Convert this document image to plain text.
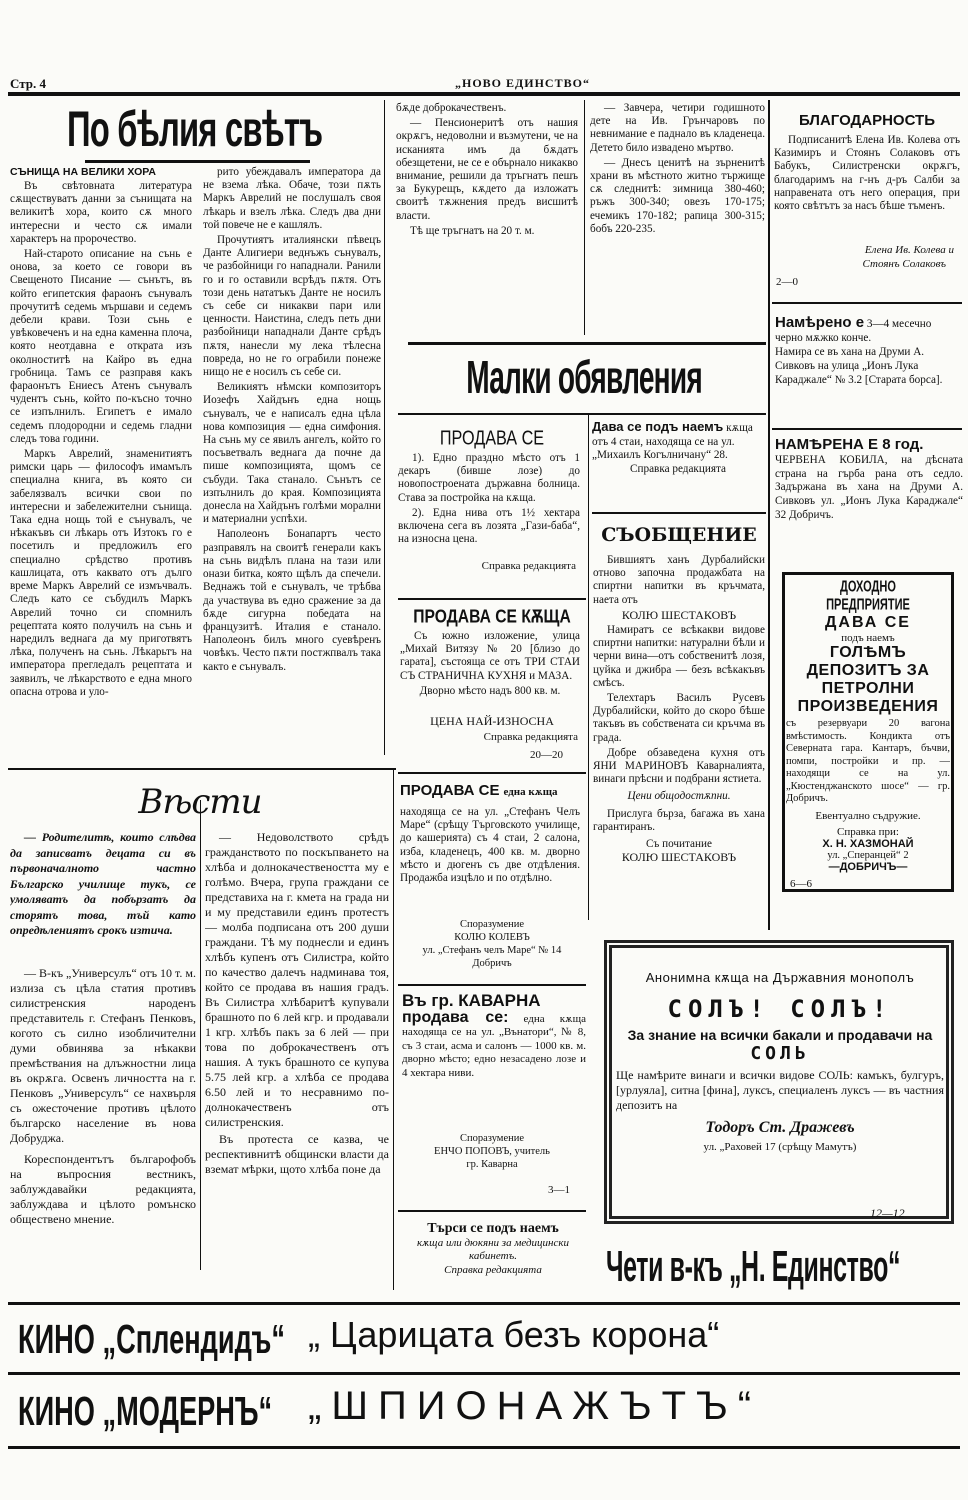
Стр. 4	„НОВО ЕДИНСТВО“
По бѣлия свѣтъ
СЪНИЩА НА ВЕЛИКИ ХОРА

Въ свѣтовната литература сѫществуватъ данни за сънищата на великитѣ хора, които сѫ много интересни и често сѫ имали характеръ на пророчество.

Най-старото описание на сънь е онова, за което се говори въ Свещеното Писание — сънътъ, въ който египетския фараонъ сънувалъ прочутитѣ седемь мършави и седемъ дебели крави. Този сънь е увѣковеченъ и на една каменна плоча, която неотдавна е открата изъ околноститѣ на Кайро въ една гробница. Тамъ се разправя какъ фараонътъ Ениесъ Атенъ сънувалъ чудентъ сънь, който по-късно точно се изпълнилъ. Египетъ е имало седемъ плодородни и седемь гладни следъ това години.

Маркъ Аврелий, знаменитиятъ римски царь — философъ имамълъ специална книга, въ която си забелязвалъ всички свои по интересни и забележителни сънища. Така една нощь той е сънувалъ, че нѣкакъвъ си лѣкарь отъ Изтокъ го е посетилъ и предложилъ его специално срѣдство противъ кашлицата, отъ каквато отъ дълго време Маркъ Аврелий се измъчвалъ. Следъ като се събудилъ Маркъ Аврелий точно си спомнилъ рецептата която получилъ на сънь и наредилъ веднага да му приготвятъ лѣка, полученъ на сънь. Лѣкарьтъ на императора прегледалъ рецептата и заявилъ, че лѣкарството е една много опасна отрова и уло-

рито убеждавалъ императора да не взема лѣка. Обаче, този пѫть Маркъ Аврелий не послушалъ своя лѣкарь и взелъ лѣка. Следъ два дни той повече не е кашлялъ.

Прочутиятъ италиянски пѣвецъ Данте Алигиери веднъжъ сънувалъ, че разбойници го нападнали. Ранили го и го оставили всрѣдъ пѫтя. Отъ този день нататъкъ Данте не носилъ съ себе си никакви пари или ценности. Наистина, следъ петь дни разбойници нападнали Данте срѣдъ пѫтя, нанесли му лека тѣлесна повреда, но не го ограбили понеже нищо не е носилъ съ себе си.

Великиятъ нѣмски композиторъ Иозефъ Хайдънъ една нощь сънувалъ, че е написалъ една цѣла нова композиция — една симфония. На сънь му се явилъ ангелъ, който го посъветвалъ веднага да почне да пише композицията, щомъ се събуди. Така станало. Сънътъ се изпълнилъ до края. Композицията донесла на Хайдънъ голѣми морални и материални успѣхи.

Наполеонъ Бонапартъ често разправялъ на своитѣ генерали какъ на сънь видѣлъ плана на тази или онази битка, която щѣлъ да спечели. Веднажъ той е сънувалъ, че трѣбва да участвува въ едно сражение за да бѫде сигурна победата на французитѣ. Италия е станало. Наполеонъ билъ много суевѣренъ човѣкъ. Често пѫти постжпвалъ така както е сънувалъ.

бѫде доброкачественъ.

— Пенсионеритѣ отъ нашия окрѫгъ, недоволни и възмутени, че на исканията имъ да бѫдатъ обезщетени, не се е обърнало никакво внимание, решили да тръгнатъ пешъ за Букурещъ, кѫдето да изложатъ своитѣ тѫжнения предъ висшитѣ власти.

Тѣ ще тръгнатъ на 20 т. м.

— Завчера, четири годишното дете на Ив. Грънчаровъ по невнимание е паднало въ кладенеца. Детето било извадено мъртво.

— Днесъ ценитѣ на зърненитѣ храни въ мѣстното житно тържище сѫ следнитѣ: зимница 380-460; ръжъ 300-340; овезъ 170-175; ечемикъ 170-182; рапица 300-315; бобъ 220-235.

БЛАГОДАРНОСТЬ

Подписанитѣ Елена Ив. Колева отъ Казимиръ и Стоянъ Солаковъ отъ Бабукъ, Силистренски окрѫгъ, благодаримъ на г-нъ д-ръ Салби за направената отъ него операция, при която свѣтътъ за насъ бѣше тъменъ.

Елена Ив. Колева и
Стоянъ Солаковъ
2—0
Намѣрено е 3—4 месечно черно мѫжко конче.
Намира се въ хана на Друми А. Сивковъ на улица „Ионъ Лука Караджале“ № 3.2 [Старата борса].
НАМѢРЕНА Е 8 год.
ЧЕРВЕНА КОБИЛА, на дѣсната страна на гърба рана отъ седло. Задържана въ хана на Друми А. Сивковъ ул. „Ионъ Лука Караджале“ 32 Добричъ.
ДОХОДНО ПРЕДПРИЯТИЕ
ДАВА СЕ
подъ наемъ
ГОЛѢМЪ ДЕПОЗИТЪ ЗА ПЕТРОЛНИ ПРОИЗВЕДЕНИЯ
съ резервуари 20 вагона вмѣстимость. Кондикта отъ Северната гара. Кантаръ, бъчви, помпи, постройки и пр. — находящи се на ул. „Кюстенджанското шосе“ — гр. Добричъ.
Евентуално съдружие.
Справка при:
Х. Н. ХАЗМОНАЙ
ул. „Сперанцей“ 2
—ДОБРИЧЪ—
6—6
Малки обявления
ПРОДАВА СЕ

1). Едно праздно мѣсто отъ 1 декаръ (бивше лозе) до новопостроената държавна болница. Става за постройка на кѫща.

2). Една нива отъ 1½ хектара включена сега въ лозята „Гази-баба“, на износна цена.

Справка редакцията
ПРОДАВА СЕ КѪЩА

Съ южно изложение, улица „Михай Витязу № 20 [близо до гарата], състояща се отъ ТРИ СТАИ СЪ СТРАНИЧНА КУХНЯ и МАЗА.

Дворно мѣсто надъ 800 кв. м.

ЦЕНА НАЙ-ИЗНОСНА
Справка редакцията
20—20
ПРОДАВА СЕ една кѫща

находяща се на ул. „Стефанъ Челъ Маре“ (срѣщу Търговското училище, до кашерията) съ 4 стаи, 2 салона, изба, кладенецъ, 400 кв. м. дворно мѣсто и дюгенъ съ две отдѣления. Продажба изцѣло и по отдѣлно.

Споразумение
КОЛЮ КОЛЕВЪ
ул. „Стефанъ челъ Маре“ № 14
Добричъ
Въ гр. КАВАРНА
продава се: една кѫща находяща се на ул. „Вънатори“, № 8, съ 3 стаи, асма и салонъ — 1000 кв. м. дворно мѣсто; едно незасадено лозе и 4 хектара ниви.
Споразумение
ЕНЧО ПОПОВЪ, учитель
гр. Каварна
3—1
Търси се подъ наемъ
кѫща или дюкяни за медицински кабинетъ.
Справка редакцията
Дава се подъ наемъ кѫща отъ 4 стаи, находяща се на ул. „Михаилъ Когълничану“ 28.

Справка редакцията
СЪОБЩЕНИЕ

Бившиятъ ханъ Дурбалийски отново започна продажбата на спиртни напитки въ кръчмата, наета отъ

КОЛЮ ШЕСТАКОВЪ

Намиратъ се всѣкакви видове спиртни напитки: натурални бѣли и черни вина—отъ собственитѣ лозя, цуйка и джибра — безъ всѣкакъвъ смѣсъ.

Телехтаръ Василъ Русевъ Дурбалийски, който до скоро бѣше такъвъ въ собствената си кръчма въ града.

Добре обзаведена кухня отъ ЯНИ МАРИНОВЪ Каварналията, винаги прѣсни и подбрани ястиета.

Цени общодостѫпни.

Прислуга бърза, багажа въ хана гарантиранъ.

Съ почитание
КОЛЮ ШЕСТАКОВЪ
Анонимна кѫща на Държавния монополъ
СОЛЪ! СОЛЪ!
За знание на всички бакали и продавачи на
СОЛЬ
Ще намѣрите винаги и всички видове СОЛЬ: камъкъ, булгуръ, [урлуяла], ситна [фина], луксъ, специаленъ луксъ — въ частния депозитъ на
Тодоръ Ст. Дражевъ
ул. „Раховей 17 (срѣщу Мамутъ)
12—12
Чети в-къ „Н. Единство“
Вѣсти

— Родителитѣ, които слѣдва да записватъ децата си въ първоначалното частно Българско училище тукъ, се умоляватъ да побързатъ да сторятъ това, тъй като опредѣлениятъ срокъ изтича.

— В-къ „Универсулъ“ отъ 10 т. м. излиза съ цѣла статия противъ силистренския народенъ представитель г. Стефанъ Пенковъ, когото съ силно изобличителни думи обвинява за нѣкакви премѣствания на длъжностни лица въ окрѫга. Освенъ личността на г. Пенковъ „Универсулъ“ се нахвърля съ ожесточение противъ цѣлото българско население въ нова Добруджа.

Кореспондентътъ българофобъ на въпросния вестникъ, заблуждавайки редакцията, заблуждава и цѣлото ромънско обществено мнение.

— Недоволството срѣдъ гражданството по поскъпването на хлѣба и долнокачествеността му е голѣмо. Вчера, група граждани се представиха на г. кмета на града ни и му представили единъ протестъ — молба подписана отъ 200 души граждани. Тѣ му поднесли и единъ хлѣбъ купенъ отъ Силистра, който по качество далечъ надминава тоя, който се продава въ нашия градъ. Въ Силистра хлѣбаритѣ купували брашното по 6 лей кгр. и продавали 1 кгр. хлѣбъ пакъ за 6 лей — при това по доброкачественъ отъ нашия. А тукъ брашното се купува 5.75 лей кгр. а хлѣба се продава 6.50 лей и то несравнимо по-долнокачественъ отъ силистренския.

Въ протеста се казва, че респективнитѣ общински власти да вземат мѣрки, щото хлѣба поне да

КИНО „Сплендидъ“ „ Царицата безъ корона“
КИНО „МОДЕРНЪ“ „ШПИОНАЖЪТЪ“
